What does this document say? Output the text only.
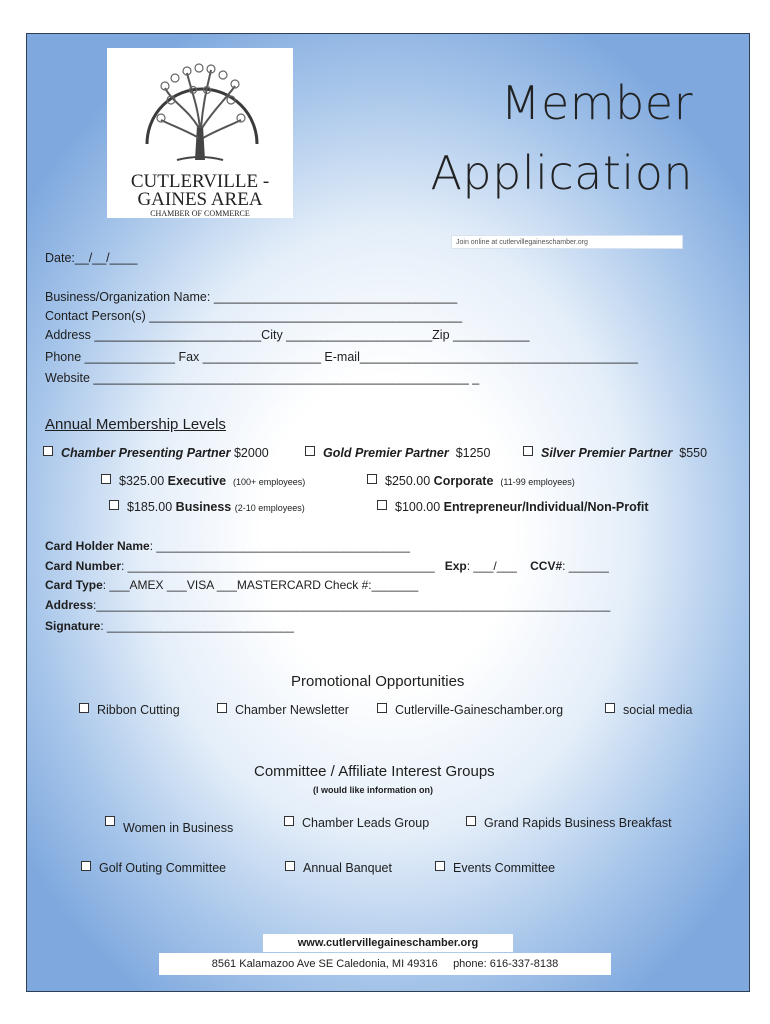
CUTLERVILLE -
GAINES AREA
CHAMBER OF COMMERCE
Member
Application
Join online at cutlervillegaineschamber.org
Date:__/__/____
Business/Organization Name: ___________________________________
Contact Person(s) _____________________________________________
Address ________________________City _____________________Zip ___________
Phone _____________ Fax _________________ E-mail________________________________________
Website ______________________________________________________ _
Annual Membership Levels
Chamber Presenting Partner $2000	Gold Premier Partner $1250	Silver Premier Partner $550
$325.00 Executive (100+ employees)	$250.00 Corporate (11-99 employees)
$185.00 Business (2-10 employees)	$100.00 Entrepreneur/Individual/Non-Profit
Card Holder Name: ______________________________________
Card Number: ______________________________________________ Exp: ___/___ CCV#: ______
Card Type: ___AMEX ___VISA ___MASTERCARD Check #:_______
Address:_____________________________________________________________________________
Signature: ____________________________
Promotional Opportunities
Ribbon Cutting	Chamber Newsletter	Cutlerville-Gaineschamber.org	social media
Committee / Affiliate Interest Groups
(I would like information on)
Women in Business	Chamber Leads Group	Grand Rapids Business Breakfast
Golf Outing Committee	Annual Banquet	Events Committee
www.cutlervillegaineschamber.org
8561 Kalamazoo Ave SE Caledonia, MI 49316 phone: 616-337-8138
